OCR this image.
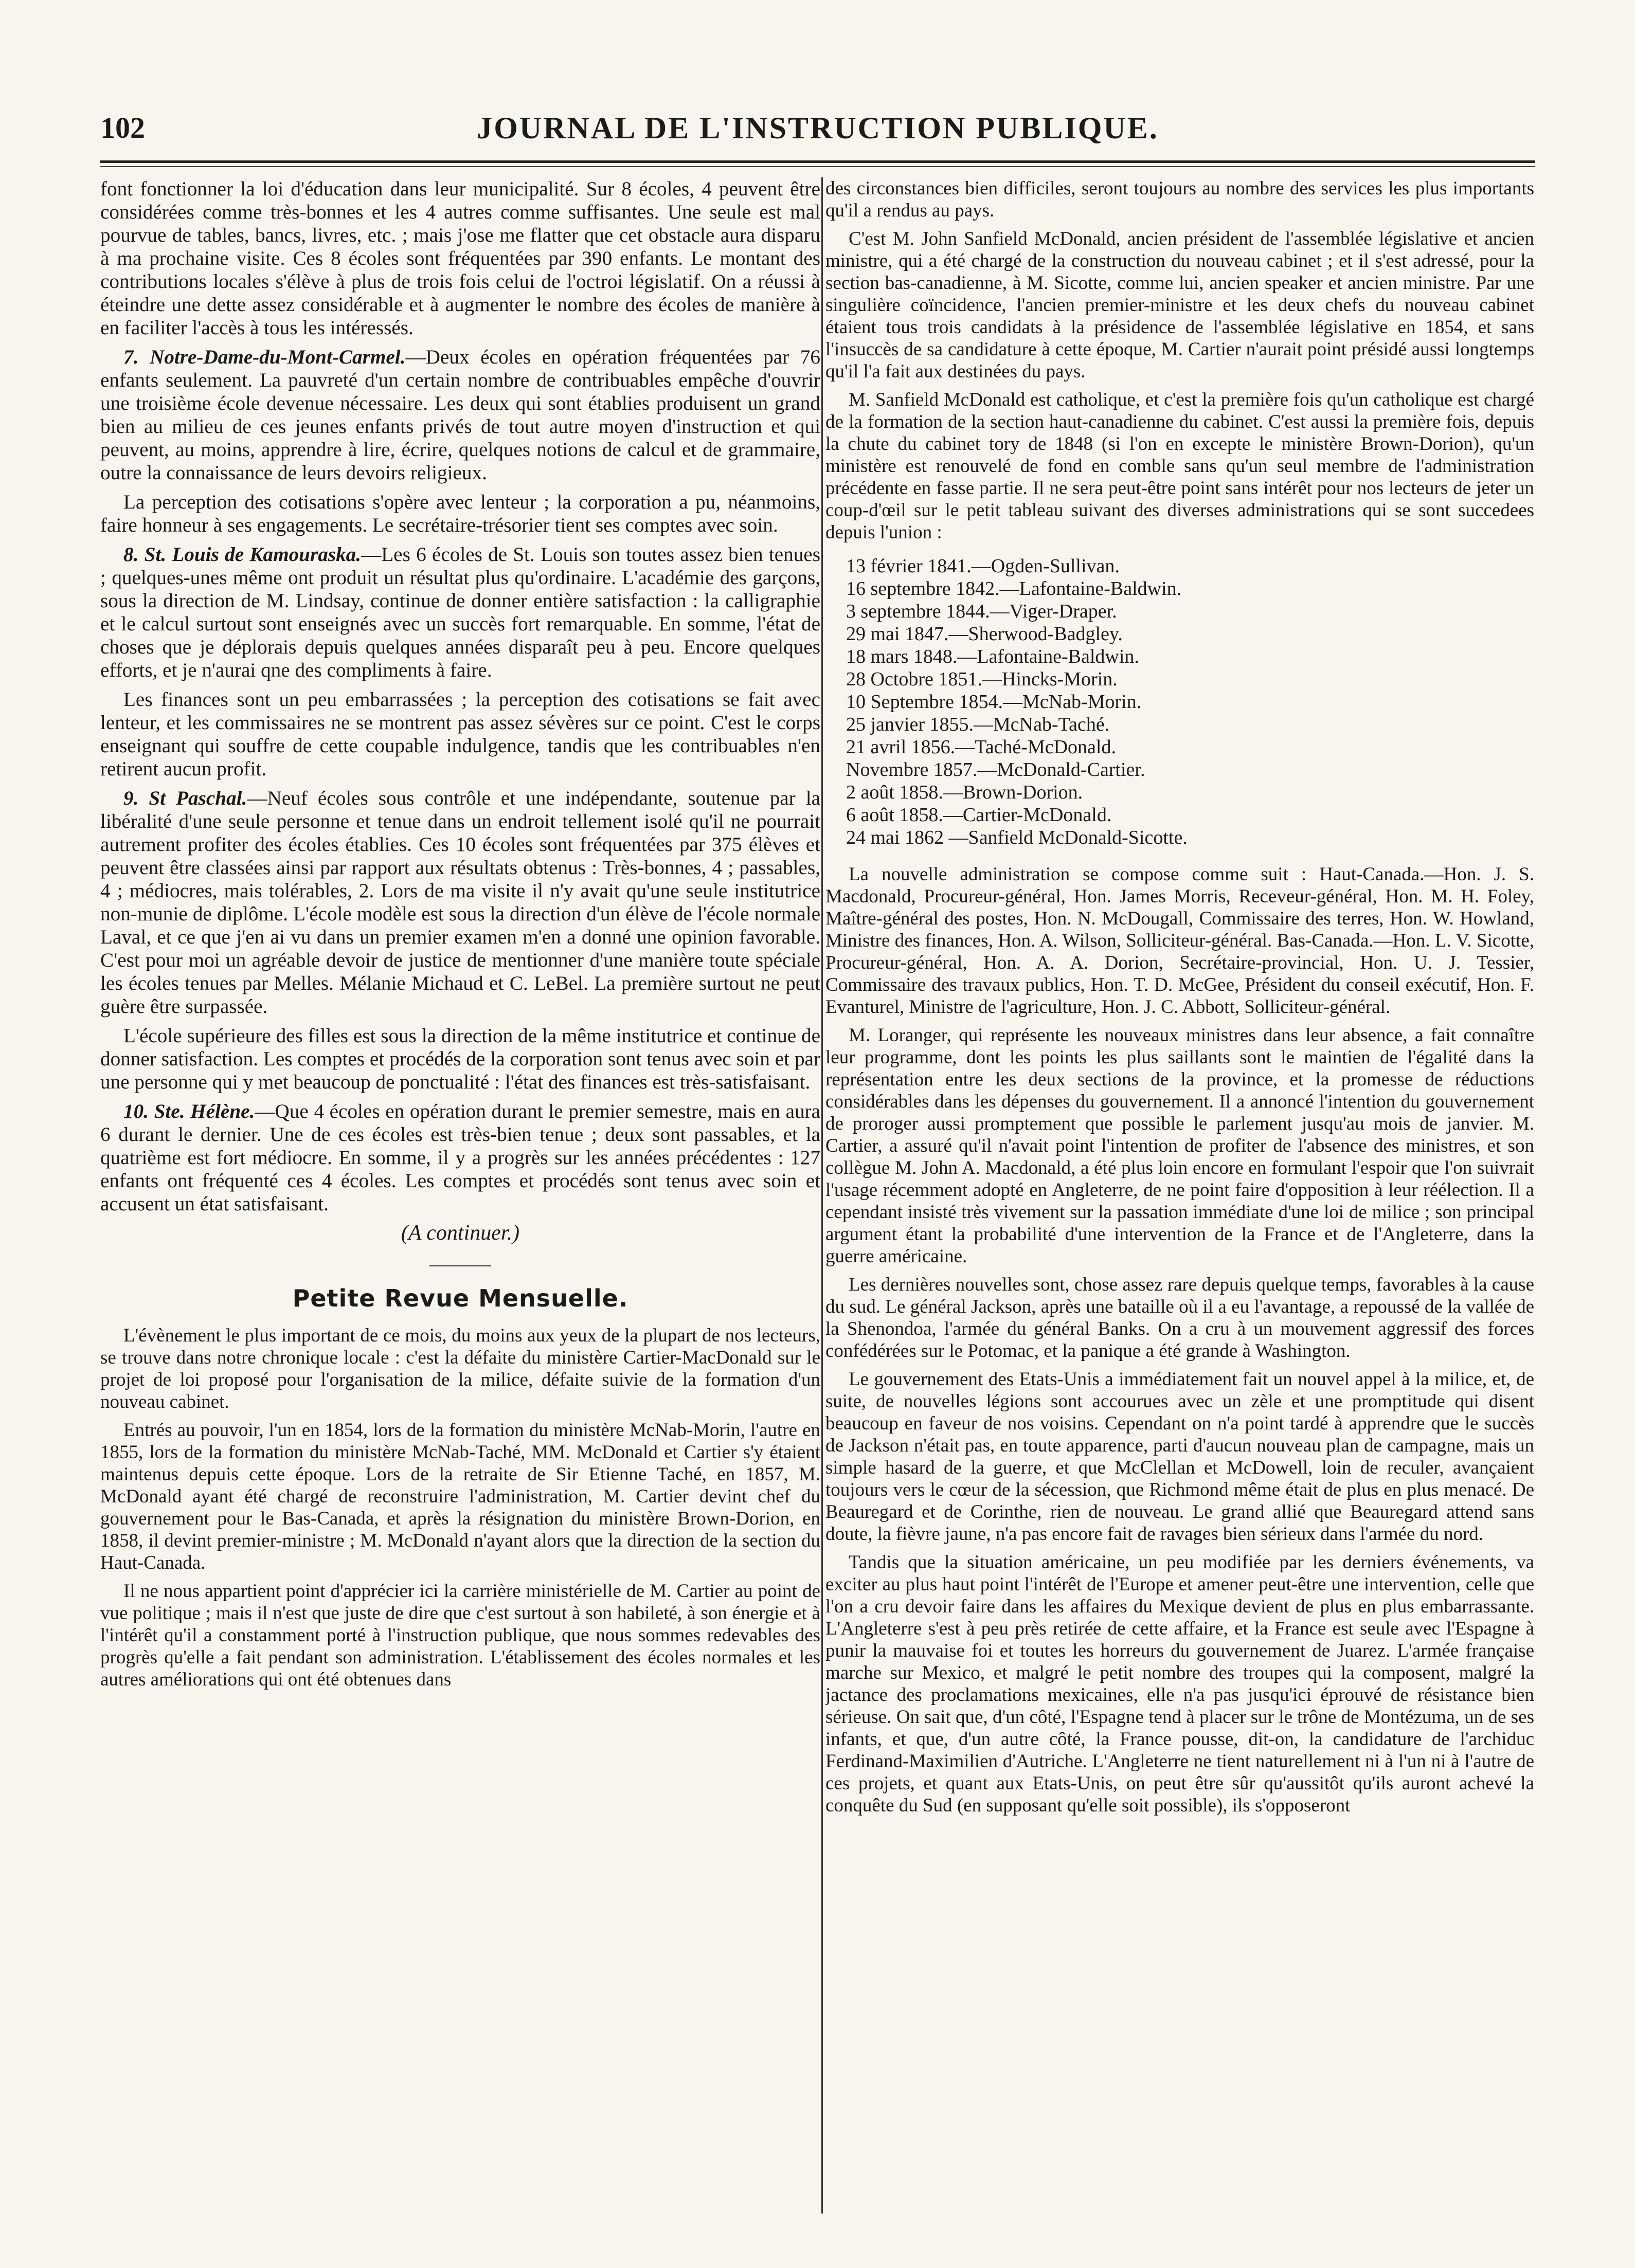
102	JOURNAL DE L'INSTRUCTION PUBLIQUE.

font fonctionner la loi d'éducation dans leur municipalité. Sur 8 écoles, 4 peuvent être considérées comme très-bonnes et les 4 autres comme suffisantes. Une seule est mal pourvue de tables, bancs, livres, etc. ; mais j'ose me flatter que cet obstacle aura disparu à ma prochaine visite. Ces 8 écoles sont fréquentées par 390 enfants. Le montant des contributions locales s'élève à plus de trois fois celui de l'octroi législatif. On a réussi à éteindre une dette assez considérable et à augmenter le nombre des écoles de manière à en faciliter l'accès à tous les intéressés.

7. Notre-Dame-du-Mont-Carmel.—Deux écoles en opération fréquentées par 76 enfants seulement. La pauvreté d'un certain nombre de contribuables empêche d'ouvrir une troisième école devenue nécessaire. Les deux qui sont établies produisent un grand bien au milieu de ces jeunes enfants privés de tout autre moyen d'instruction et qui peuvent, au moins, apprendre à lire, écrire, quelques notions de calcul et de grammaire, outre la connaissance de leurs devoirs religieux.

La perception des cotisations s'opère avec lenteur ; la corporation a pu, néanmoins, faire honneur à ses engagements. Le secrétaire-trésorier tient ses comptes avec soin.

8. St. Louis de Kamouraska.—Les 6 écoles de St. Louis son toutes assez bien tenues ; quelques-unes même ont produit un résultat plus qu'ordinaire. L'académie des garçons, sous la direction de M. Lindsay, continue de donner entière satisfaction : la calligraphie et le calcul surtout sont enseignés avec un succès fort remarquable. En somme, l'état de choses que je déplorais depuis quelques années disparaît peu à peu. Encore quelques efforts, et je n'aurai qne des compliments à faire.

Les finances sont un peu embarrassées ; la perception des cotisations se fait avec lenteur, et les commissaires ne se montrent pas assez sévères sur ce point. C'est le corps enseignant qui souffre de cette coupable indulgence, tandis que les contribuables n'en retirent aucun profit.

9. St Paschal.—Neuf écoles sous contrôle et une indépendante, soutenue par la libéralité d'une seule personne et tenue dans un endroit tellement isolé qu'il ne pourrait autrement profiter des écoles établies. Ces 10 écoles sont fréquentées par 375 élèves et peuvent être classées ainsi par rapport aux résultats obtenus : Très-bonnes, 4 ; passables, 4 ; médiocres, mais tolérables, 2. Lors de ma visite il n'y avait qu'une seule institutrice non-munie de diplôme. L'école modèle est sous la direction d'un élève de l'école normale Laval, et ce que j'en ai vu dans un premier examen m'en a donné une opinion favorable. C'est pour moi un agréable devoir de justice de mentionner d'une manière toute spéciale les écoles tenues par Melles. Mélanie Michaud et C. LeBel. La première surtout ne peut guère être surpassée.

L'école supérieure des filles est sous la direction de la même institutrice et continue de donner satisfaction. Les comptes et procédés de la corporation sont tenus avec soin et par une personne qui y met beaucoup de ponctualité : l'état des finances est très-satisfaisant.

10. Ste. Hélène.—Que 4 écoles en opération durant le premier semestre, mais en aura 6 durant le dernier. Une de ces écoles est très-bien tenue ; deux sont passables, et la quatrième est fort médiocre. En somme, il y a progrès sur les années précédentes : 127 enfants ont fréquenté ces 4 écoles. Les comptes et procédés sont tenus avec soin et accusent un état satisfaisant.

(A continuer.)
Petite Revue Mensuelle.

L'évènement le plus important de ce mois, du moins aux yeux de la plupart de nos lecteurs, se trouve dans notre chronique locale : c'est la défaite du ministère Cartier-MacDonald sur le projet de loi proposé pour l'organisation de la milice, défaite suivie de la formation d'un nouveau cabinet.

Entrés au pouvoir, l'un en 1854, lors de la formation du ministère McNab-Morin, l'autre en 1855, lors de la formation du ministère McNab-Taché, MM. McDonald et Cartier s'y étaient maintenus depuis cette époque. Lors de la retraite de Sir Etienne Taché, en 1857, M. McDonald ayant été chargé de reconstruire l'administration, M. Cartier devint chef du gouvernement pour le Bas-Canada, et après la résignation du ministère Brown-Dorion, en 1858, il devint premier-ministre ; M. McDonald n'ayant alors que la direction de la section du Haut-Canada.

Il ne nous appartient point d'apprécier ici la carrière ministérielle de M. Cartier au point de vue politique ; mais il n'est que juste de dire que c'est surtout à son habileté, à son énergie et à l'intérêt qu'il a constamment porté à l'instruction publique, que nous sommes redevables des progrès qu'elle a fait pendant son administration. L'établissement des écoles normales et les autres améliorations qui ont été obtenues dans

des circonstances bien difficiles, seront toujours au nombre des services les plus importants qu'il a rendus au pays.

C'est M. John Sanfield McDonald, ancien président de l'assemblée législative et ancien ministre, qui a été chargé de la construction du nouveau cabinet ; et il s'est adressé, pour la section bas-canadienne, à M. Sicotte, comme lui, ancien speaker et ancien ministre. Par une singulière coïncidence, l'ancien premier-ministre et les deux chefs du nouveau cabinet étaient tous trois candidats à la présidence de l'assemblée législative en 1854, et sans l'insuccès de sa candidature à cette époque, M. Cartier n'aurait point présidé aussi longtemps qu'il l'a fait aux destinées du pays.

M. Sanfield McDonald est catholique, et c'est la première fois qu'un catholique est chargé de la formation de la section haut-canadienne du cabinet. C'est aussi la première fois, depuis la chute du cabinet tory de 1848 (si l'on en excepte le ministère Brown-Dorion), qu'un ministère est renouvelé de fond en comble sans qu'un seul membre de l'administration précédente en fasse partie. Il ne sera peut-être point sans intérêt pour nos lecteurs de jeter un coup-d'œil sur le petit tableau suivant des diverses administrations qui se sont succedees depuis l'union :

13 février 1841.—Ogden-Sullivan.
16 septembre 1842.—Lafontaine-Baldwin.
3 septembre 1844.—Viger-Draper.
29 mai 1847.—Sherwood-Badgley.
18 mars 1848.—Lafontaine-Baldwin.
28 Octobre 1851.—Hincks-Morin.
10 Septembre 1854.—McNab-Morin.
25 janvier 1855.—McNab-Taché.
21 avril 1856.—Taché-McDonald.
Novembre 1857.—McDonald-Cartier.
2 août 1858.—Brown-Dorion.
6 août 1858.—Cartier-McDonald.
24 mai 1862 —Sanfield McDonald-Sicotte.

La nouvelle administration se compose comme suit : Haut-Canada.—Hon. J. S. Macdonald, Procureur-général, Hon. James Morris, Receveur-général, Hon. M. H. Foley, Maître-général des postes, Hon. N. McDougall, Commissaire des terres, Hon. W. Howland, Ministre des finances, Hon. A. Wilson, Solliciteur-général. Bas-Canada.—Hon. L. V. Sicotte, Procureur-général, Hon. A. A. Dorion, Secrétaire-provincial, Hon. U. J. Tessier, Commissaire des travaux publics, Hon. T. D. McGee, Président du conseil exécutif, Hon. F. Evanturel, Ministre de l'agriculture, Hon. J. C. Abbott, Solliciteur-général.

M. Loranger, qui représente les nouveaux ministres dans leur absence, a fait connaître leur programme, dont les points les plus saillants sont le maintien de l'égalité dans la représentation entre les deux sections de la province, et la promesse de réductions considérables dans les dépenses du gouvernement. Il a annoncé l'intention du gouvernement de proroger aussi promptement que possible le parlement jusqu'au mois de janvier. M. Cartier, a assuré qu'il n'avait point l'intention de profiter de l'absence des ministres, et son collègue M. John A. Macdonald, a été plus loin encore en formulant l'espoir que l'on suivrait l'usage récemment adopté en Angleterre, de ne point faire d'opposition à leur réélection. Il a cependant insisté très vivement sur la passation immédiate d'une loi de milice ; son principal argument étant la probabilité d'une intervention de la France et de l'Angleterre, dans la guerre américaine.

Les dernières nouvelles sont, chose assez rare depuis quelque temps, favorables à la cause du sud. Le général Jackson, après une bataille où il a eu l'avantage, a repoussé de la vallée de la Shenondoa, l'armée du général Banks. On a cru à un mouvement aggressif des forces confédérées sur le Potomac, et la panique a été grande à Washington.

Le gouvernement des Etats-Unis a immédiatement fait un nouvel appel à la milice, et, de suite, de nouvelles légions sont accourues avec un zèle et une promptitude qui disent beaucoup en faveur de nos voisins. Cependant on n'a point tardé à apprendre que le succès de Jackson n'était pas, en toute apparence, parti d'aucun nouveau plan de campagne, mais un simple hasard de la guerre, et que McClellan et McDowell, loin de reculer, avançaient toujours vers le cœur de la sécession, que Richmond même était de plus en plus menacé. De Beauregard et de Corinthe, rien de nouveau. Le grand allié que Beauregard attend sans doute, la fièvre jaune, n'a pas encore fait de ravages bien sérieux dans l'armée du nord.

Tandis que la situation américaine, un peu modifiée par les derniers événements, va exciter au plus haut point l'intérêt de l'Europe et amener peut-être une intervention, celle que l'on a cru devoir faire dans les affaires du Mexique devient de plus en plus embarrassante. L'Angleterre s'est à peu près retirée de cette affaire, et la France est seule avec l'Espagne à punir la mauvaise foi et toutes les horreurs du gouvernement de Juarez. L'armée française marche sur Mexico, et malgré le petit nombre des troupes qui la composent, malgré la jactance des proclamations mexicaines, elle n'a pas jusqu'ici éprouvé de résistance bien sérieuse. On sait que, d'un côté, l'Espagne tend à placer sur le trône de Montézuma, un de ses infants, et que, d'un autre côté, la France pousse, dit-on, la candidature de l'archiduc Ferdinand-Maximilien d'Autriche. L'Angleterre ne tient naturellement ni à l'un ni à l'autre de ces projets, et quant aux Etats-Unis, on peut être sûr qu'aussitôt qu'ils auront achevé la conquête du Sud (en supposant qu'elle soit possible), ils s'opposeront
